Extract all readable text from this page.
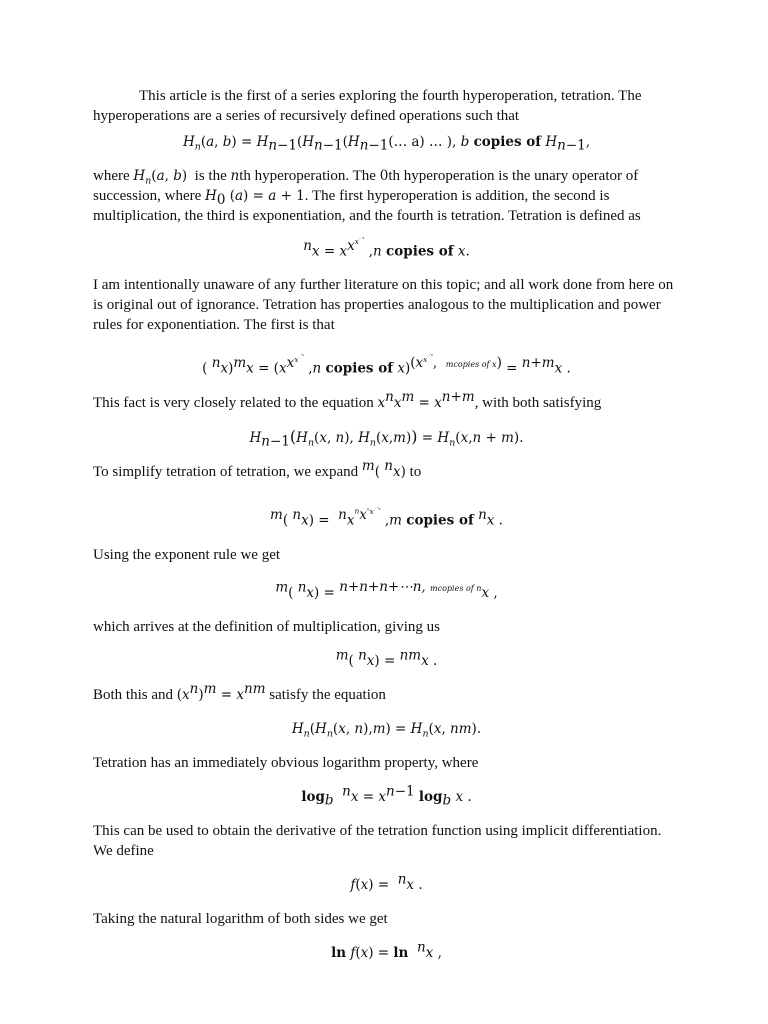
This article is the first of a series exploring the fourth hyperoperation, tetration. The hyperoperations are a series of recursively defined operations such that

$H_n(a$, $b) = H_{n-1}(H_{n-1}(H_{n-1}(\dots$ a) … ), b copies of $H_{n-1}$,

where $H_n(a$, b) is the nth hyperoperation. The 0th hyperoperation is the unary operator of succession, where $H_0$ (a) = a + 1. The first hyperoperation is addition, the second is multiplication, the third is exponentiation, and the fourth is tetration. Tetration is defined as

$^nx = x^{x^{x^{⋰x}}}$ ,n copies of x.

I am intentionally unaware of any further literature on this topic; and all work done from here on is original out of ignorance. Tetration has properties analogous to the multiplication and power rules for exponentiation. The first is that

( $^nx)^mx = (x^{x^{x^{⋰x}}}$ ,n copies of x)$^{(x^{x^{⋰x}}, mcopies of x)}$ = $^{n+m}$x .

This fact is very closely related to the equation $x^nx^m = x^{n+m}$, with both satisfying

$H_{n-1}(H_n(x$, n), $H_n(x,m)) = H_n(x,n + m)$.

To simplify tetration of tetration, we expand $^m$( $^n$x) to

$^m$( $^nx) = ^nx^{^nx^{^nx^{⋰^nx}}}$ ,m copies of $^n$x .

Using the exponent rule we get

$^m$( $^n$x) = $^{n+n+n+\cdots n, mcopies of n}$x ,

which arrives at the definition of multiplication, giving us

$^m$( $^n$x) = $^{nm}$x .

Both this and $(x^n)^m = x^{nm}$ satisfy the equation

$H_n(H_n(x$, $n),m) = H_n(x$, nm).

Tetration has an immediately obvious logarithm property, where

$\log_b ^nx = x^{n-1}$ $\log_b x$ .

This can be used to obtain the derivative of the tetration function using implicit differentiation. We define

f(x) =  $^n$x .

Taking the natural logarithm of both sides we get

ln f(x) = ln $^n$x ,
